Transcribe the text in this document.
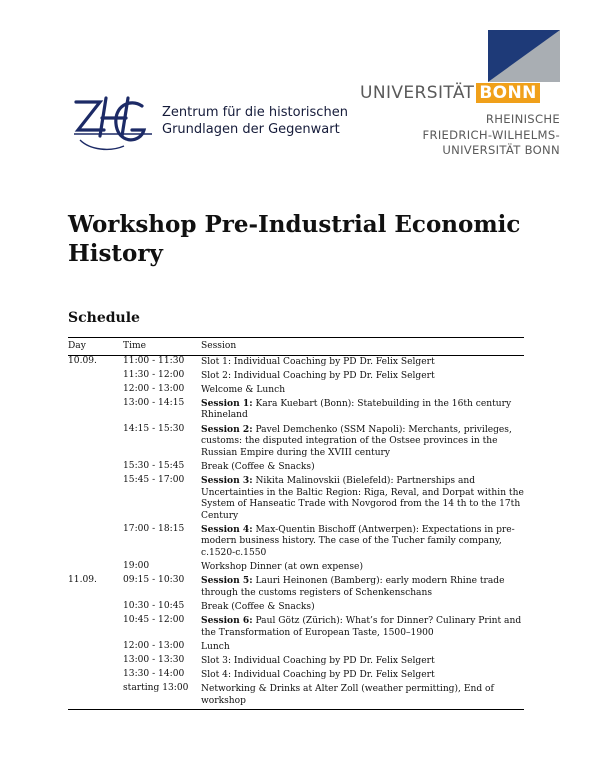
Zentrum für die historischen
Grundlagen der Gegenwart
UNIVERSITÄT BONN
RHEINISCHE
FRIEDRICH-WILHELMS-
UNIVERSITÄT BONN
Workshop Pre-Industrial Economic History
Schedule
Day	Time	Session
10.09.	11:00 - 11:30	Slot 1: Individual Coaching by PD Dr. Felix Selgert
	11:30 - 12:00	Slot 2: Individual Coaching by PD Dr. Felix Selgert
	12:00 - 13:00	Welcome & Lunch
	13:00 - 14:15	Session 1: Kara Kuebart (Bonn): Statebuilding in the 16th century Rhineland
	14:15 - 15:30	Session 2: Pavel Demchenko (SSM Napoli): Merchants, privileges, customs: the disputed integration of the Ostsee provinces in the Russian Empire during the XVIII century
	15:30 - 15:45	Break (Coffee & Snacks)
	15:45 - 17:00	Session 3: Nikita Malinovskii (Bielefeld): Partnerships and Uncertainties in the Baltic Region: Riga, Reval, and Dorpat within the System of Hanseatic Trade with Novgorod from the 14 th to the 17th Century
	17:00 - 18:15	Session 4: Max-Quentin Bischoff (Antwerpen): Expectations in pre-modern business history. The case of the Tucher family company, c.1520-c.1550
	19:00	Workshop Dinner (at own expense)
11.09.	09:15 - 10:30	Session 5: Lauri Heinonen (Bamberg): early modern Rhine trade through the customs registers of Schenkenschans
	10:30 - 10:45	Break (Coffee & Snacks)
	10:45 - 12:00	Session 6: Paul Götz (Zürich): What’s for Dinner? Culinary Print and the Transformation of European Taste, 1500–1900
	12:00 - 13:00	Lunch
	13:00 - 13:30	Slot 3: Individual Coaching by PD Dr. Felix Selgert
	13:30 - 14:00	Slot 4: Individual Coaching by PD Dr. Felix Selgert
	starting 13:00	Networking & Drinks at Alter Zoll (weather permitting), End of workshop
